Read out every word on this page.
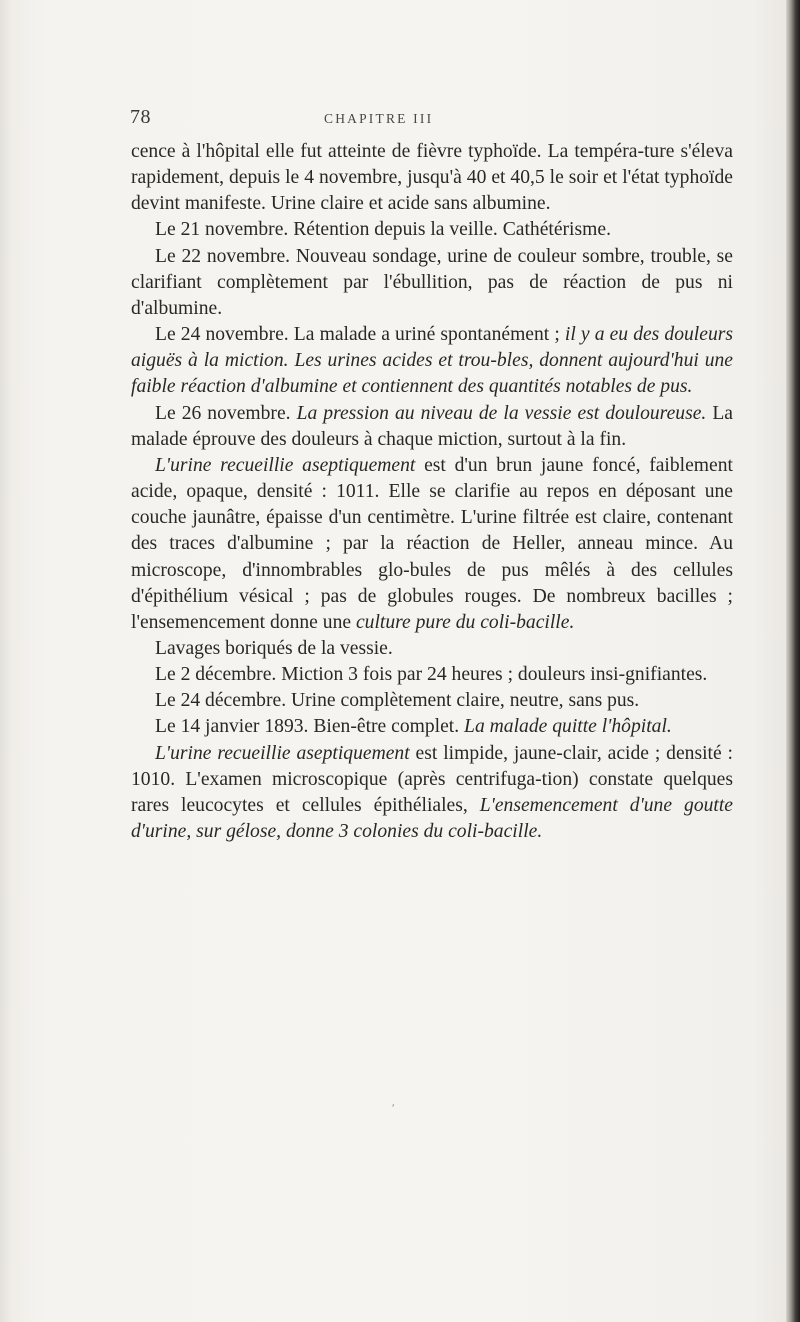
78	CHAPITRE III

cence à l'hôpital elle fut atteinte de fièvre typhoïde. La tempéra-ture s'éleva rapidement, depuis le 4 novembre, jusqu'à 40 et 40,5 le soir et l'état typhoïde devint manifeste. Urine claire et acide sans albumine.

Le 21 novembre. Rétention depuis la veille. Cathétérisme.

Le 22 novembre. Nouveau sondage, urine de couleur sombre, trouble, se clarifiant complètement par l'ébullition, pas de réaction de pus ni d'albumine.

Le 24 novembre. La malade a uriné spontanément ; il y a eu des douleurs aiguës à la miction. Les urines acides et trou-bles, donnent aujourd'hui une faible réaction d'albumine et contiennent des quantités notables de pus.

Le 26 novembre. La pression au niveau de la vessie est douloureuse. La malade éprouve des douleurs à chaque miction, surtout à la fin.

L'urine recueillie aseptiquement est d'un brun jaune foncé, faiblement acide, opaque, densité : 1011. Elle se clarifie au repos en déposant une couche jaunâtre, épaisse d'un centimètre. L'urine filtrée est claire, contenant des traces d'albumine ; par la réaction de Heller, anneau mince. Au microscope, d'innombrables glo-bules de pus mêlés à des cellules d'épithélium vésical ; pas de globules rouges. De nombreux bacilles ; l'ensemencement donne une culture pure du coli-bacille.

Lavages boriqués de la vessie.

Le 2 décembre. Miction 3 fois par 24 heures ; douleurs insi-gnifiantes.

Le 24 décembre. Urine complètement claire, neutre, sans pus.

Le 14 janvier 1893. Bien-être complet. La malade quitte l'hôpital.

L'urine recueillie aseptiquement est limpide, jaune-clair, acide ; densité : 1010. L'examen microscopique (après centrifuga-tion) constate quelques rares leucocytes et cellules épithéliales, L'ensemencement d'une goutte d'urine, sur gélose, donne 3 colonies du coli-bacille.

ʹ
